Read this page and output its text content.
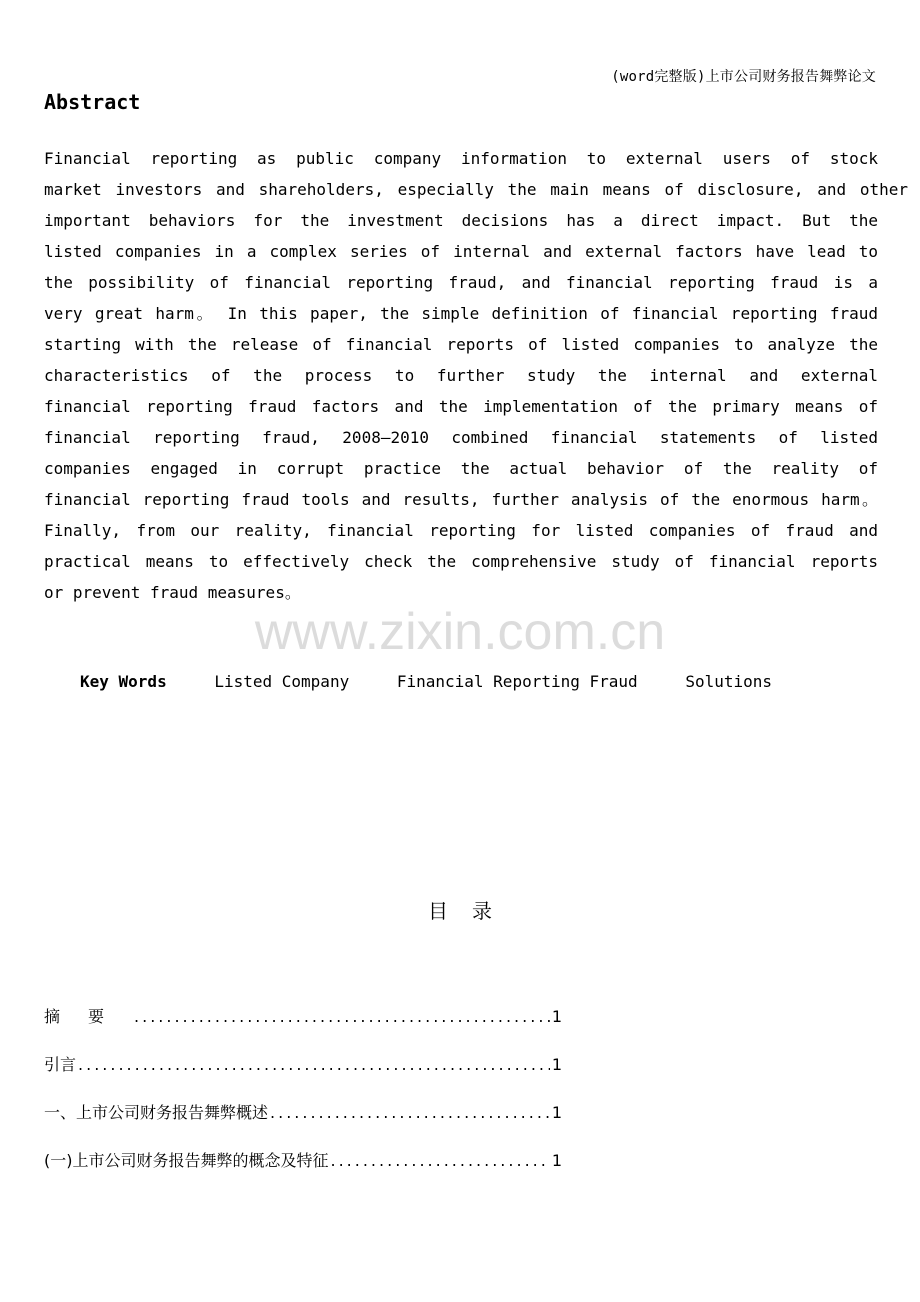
(word完整版)上市公司财务报告舞弊论文
Abstract
Financial reporting as public company information to external users of stock
market investors and shareholders, especially the main means of disclosure, and other
important behaviors for the investment decisions has a direct impact. But the
listed companies in a complex series of internal and external factors have lead to
the possibility of financial reporting fraud, and financial reporting fraud is a
very great harm。 In this paper, the simple definition of financial reporting fraud
starting with the release of financial reports of listed companies to analyze the
characteristics of the process to further study the internal and external
financial reporting fraud factors and the implementation of the primary means of
financial reporting fraud, 2008—2010 combined financial statements of listed
companies engaged in corrupt practice the actual behavior of the reality of
financial reporting fraud tools and results, further analysis of the enormous harm。
Finally, from our reality, financial reporting for listed companies of fraud and
practical means to effectively check the comprehensive study of financial reports
or prevent fraud measures。
www.zixin.com.cn
Key Words	Listed Company	Financial Reporting Fraud	Solutions
目录
摘要 .....	1
引言 .....	1
一、上市公司财务报告舞弊概述 .....	1
(一)上市公司财务报告舞弊的概念及特征 .....	1
